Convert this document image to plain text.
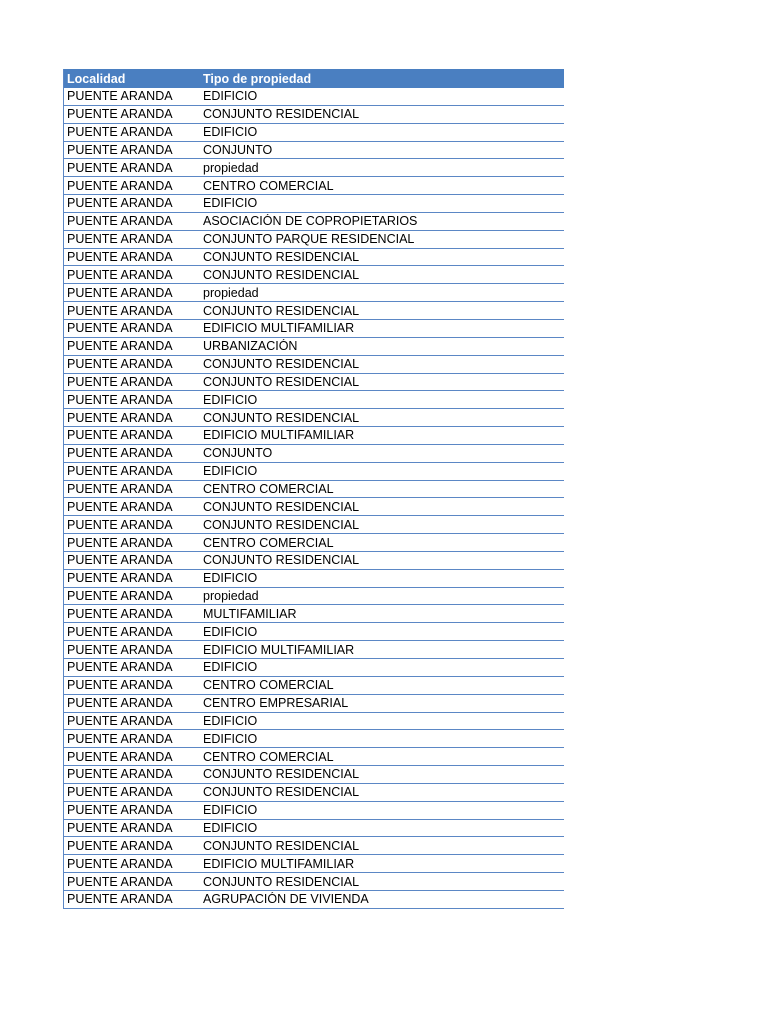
Localidad	Tipo de propiedad
PUENTE ARANDA	EDIFICIO
PUENTE ARANDA	CONJUNTO RESIDENCIAL
PUENTE ARANDA	EDIFICIO
PUENTE ARANDA	CONJUNTO
PUENTE ARANDA	propiedad
PUENTE ARANDA	CENTRO COMERCIAL
PUENTE ARANDA	EDIFICIO
PUENTE ARANDA	ASOCIACIÓN DE COPROPIETARIOS
PUENTE ARANDA	CONJUNTO PARQUE RESIDENCIAL
PUENTE ARANDA	CONJUNTO RESIDENCIAL
PUENTE ARANDA	CONJUNTO RESIDENCIAL
PUENTE ARANDA	propiedad
PUENTE ARANDA	CONJUNTO RESIDENCIAL
PUENTE ARANDA	EDIFICIO MULTIFAMILIAR
PUENTE ARANDA	URBANIZACIÓN
PUENTE ARANDA	CONJUNTO RESIDENCIAL
PUENTE ARANDA	CONJUNTO RESIDENCIAL
PUENTE ARANDA	EDIFICIO
PUENTE ARANDA	CONJUNTO RESIDENCIAL
PUENTE ARANDA	EDIFICIO MULTIFAMILIAR
PUENTE ARANDA	CONJUNTO
PUENTE ARANDA	EDIFICIO
PUENTE ARANDA	CENTRO COMERCIAL
PUENTE ARANDA	CONJUNTO RESIDENCIAL
PUENTE ARANDA	CONJUNTO RESIDENCIAL
PUENTE ARANDA	CENTRO COMERCIAL
PUENTE ARANDA	CONJUNTO RESIDENCIAL
PUENTE ARANDA	EDIFICIO
PUENTE ARANDA	propiedad
PUENTE ARANDA	MULTIFAMILIAR
PUENTE ARANDA	EDIFICIO
PUENTE ARANDA	EDIFICIO MULTIFAMILIAR
PUENTE ARANDA	EDIFICIO
PUENTE ARANDA	CENTRO COMERCIAL
PUENTE ARANDA	CENTRO EMPRESARIAL
PUENTE ARANDA	EDIFICIO
PUENTE ARANDA	EDIFICIO
PUENTE ARANDA	CENTRO COMERCIAL
PUENTE ARANDA	CONJUNTO RESIDENCIAL
PUENTE ARANDA	CONJUNTO RESIDENCIAL
PUENTE ARANDA	EDIFICIO
PUENTE ARANDA	EDIFICIO
PUENTE ARANDA	CONJUNTO RESIDENCIAL
PUENTE ARANDA	EDIFICIO MULTIFAMILIAR
PUENTE ARANDA	CONJUNTO RESIDENCIAL
PUENTE ARANDA	AGRUPACIÓN DE VIVIENDA
